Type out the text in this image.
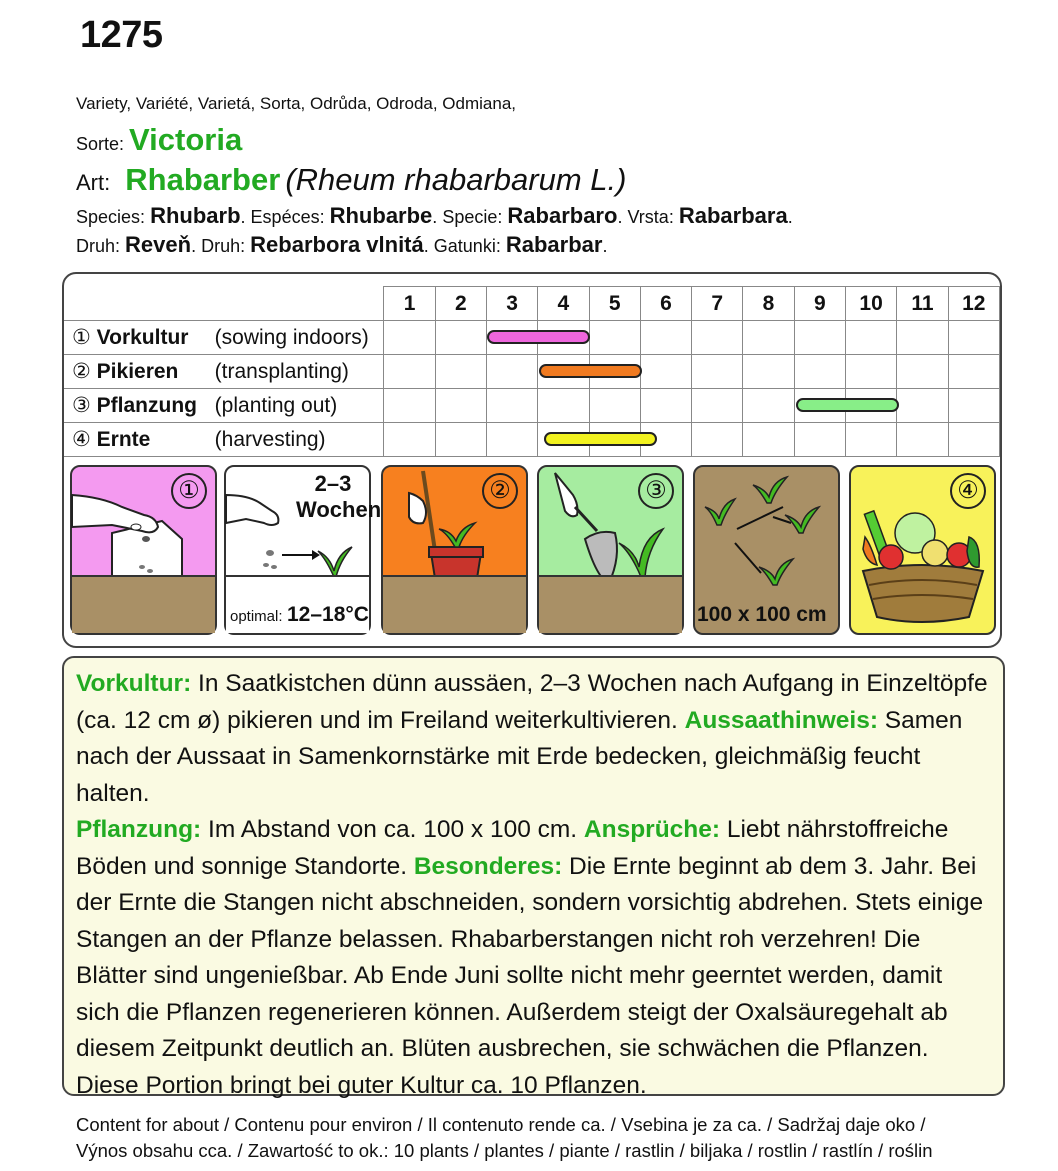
1275
Variety, Variété, Varietá, Sorta, Odrůda, Odroda, Odmiana,
Sorte: Victoria
Art: Rhabarber (Rheum rhabarbarum L.)
Species: Rhubarb. Espéces: Rhubarbe. Specie: Rabarbaro. Vrsta: Rabarbara.
Druh: Reveň. Druh: Rebarbora vlnitá. Gatunki: Rabarbar.
	1	2	3	4	5	6	7	8	9	10	11	12
① Vorkultur (sowing indoors)	

② Pikieren (transplanting)	

③ Pflanzung (planting out)	

④ Ernte (harvesting)	

①	2–3
Wochen
optimal: 12–18°C
②	③
100 x 100 cm
④

Vorkultur: In Saatkistchen dünn aussäen, 2–3 Wochen nach Aufgang in Einzeltöpfe (ca. 12 cm ø) pikieren und im Freiland weiterkultivieren. Aussaathinweis: Samen nach der Aussaat in Samenkornstärke mit Erde bedecken, gleichmäßig feucht halten.

Pflanzung: Im Abstand von ca. 100 x 100 cm. Ansprüche: Liebt nährstoffreiche Böden und sonnige Standorte. Besonderes: Die Ernte beginnt ab dem 3. Jahr. Bei der Ernte die Stangen nicht abschneiden, sondern vorsichtig abdrehen. Stets einige Stangen an der Pflanze belassen. Rhabarberstangen nicht roh verzehren! Die Blätter sind ungenießbar. Ab Ende Juni sollte nicht mehr geerntet werden, damit sich die Pflanzen regenerieren können. Außerdem steigt der Oxalsäuregehalt ab diesem Zeitpunkt deutlich an. Blüten ausbrechen, sie schwächen die Pflanzen.

Diese Portion bringt bei guter Kultur ca. 10 Pflanzen.

Content for about / Contenu pour environ / Il contenuto rende ca. / Vsebina je za ca. / Sadržaj daje oko /
Výnos obsahu cca. / Zawartość to ok.: 10 plants / plantes / piante / rastlin / biljaka / rostlin / rastlín / roślin
